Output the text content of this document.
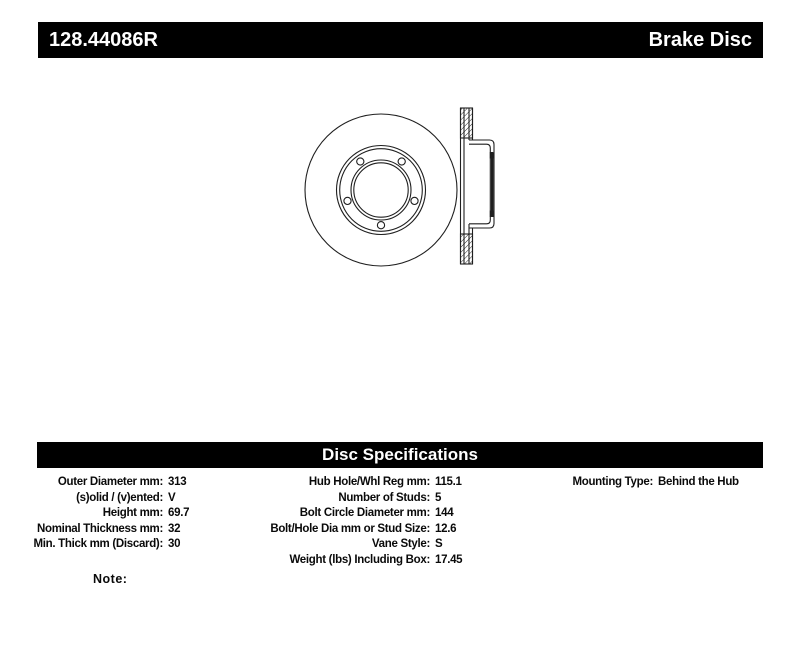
128.44086R	Brake Disc
Disc Specifications
Outer Diameter mm: 313
(s)olid / (v)ented: V
Height mm: 69.7
Nominal Thickness mm: 32
Min. Thick mm (Discard): 30
Hub Hole/Whl Reg mm: 115.1
Number of Studs: 5
Bolt Circle Diameter mm: 144
Bolt/Hole Dia mm or Stud Size: 12.6
Vane Style: S
Weight (lbs) Including Box: 17.45
Mounting Type: Behind the Hub
Note:
